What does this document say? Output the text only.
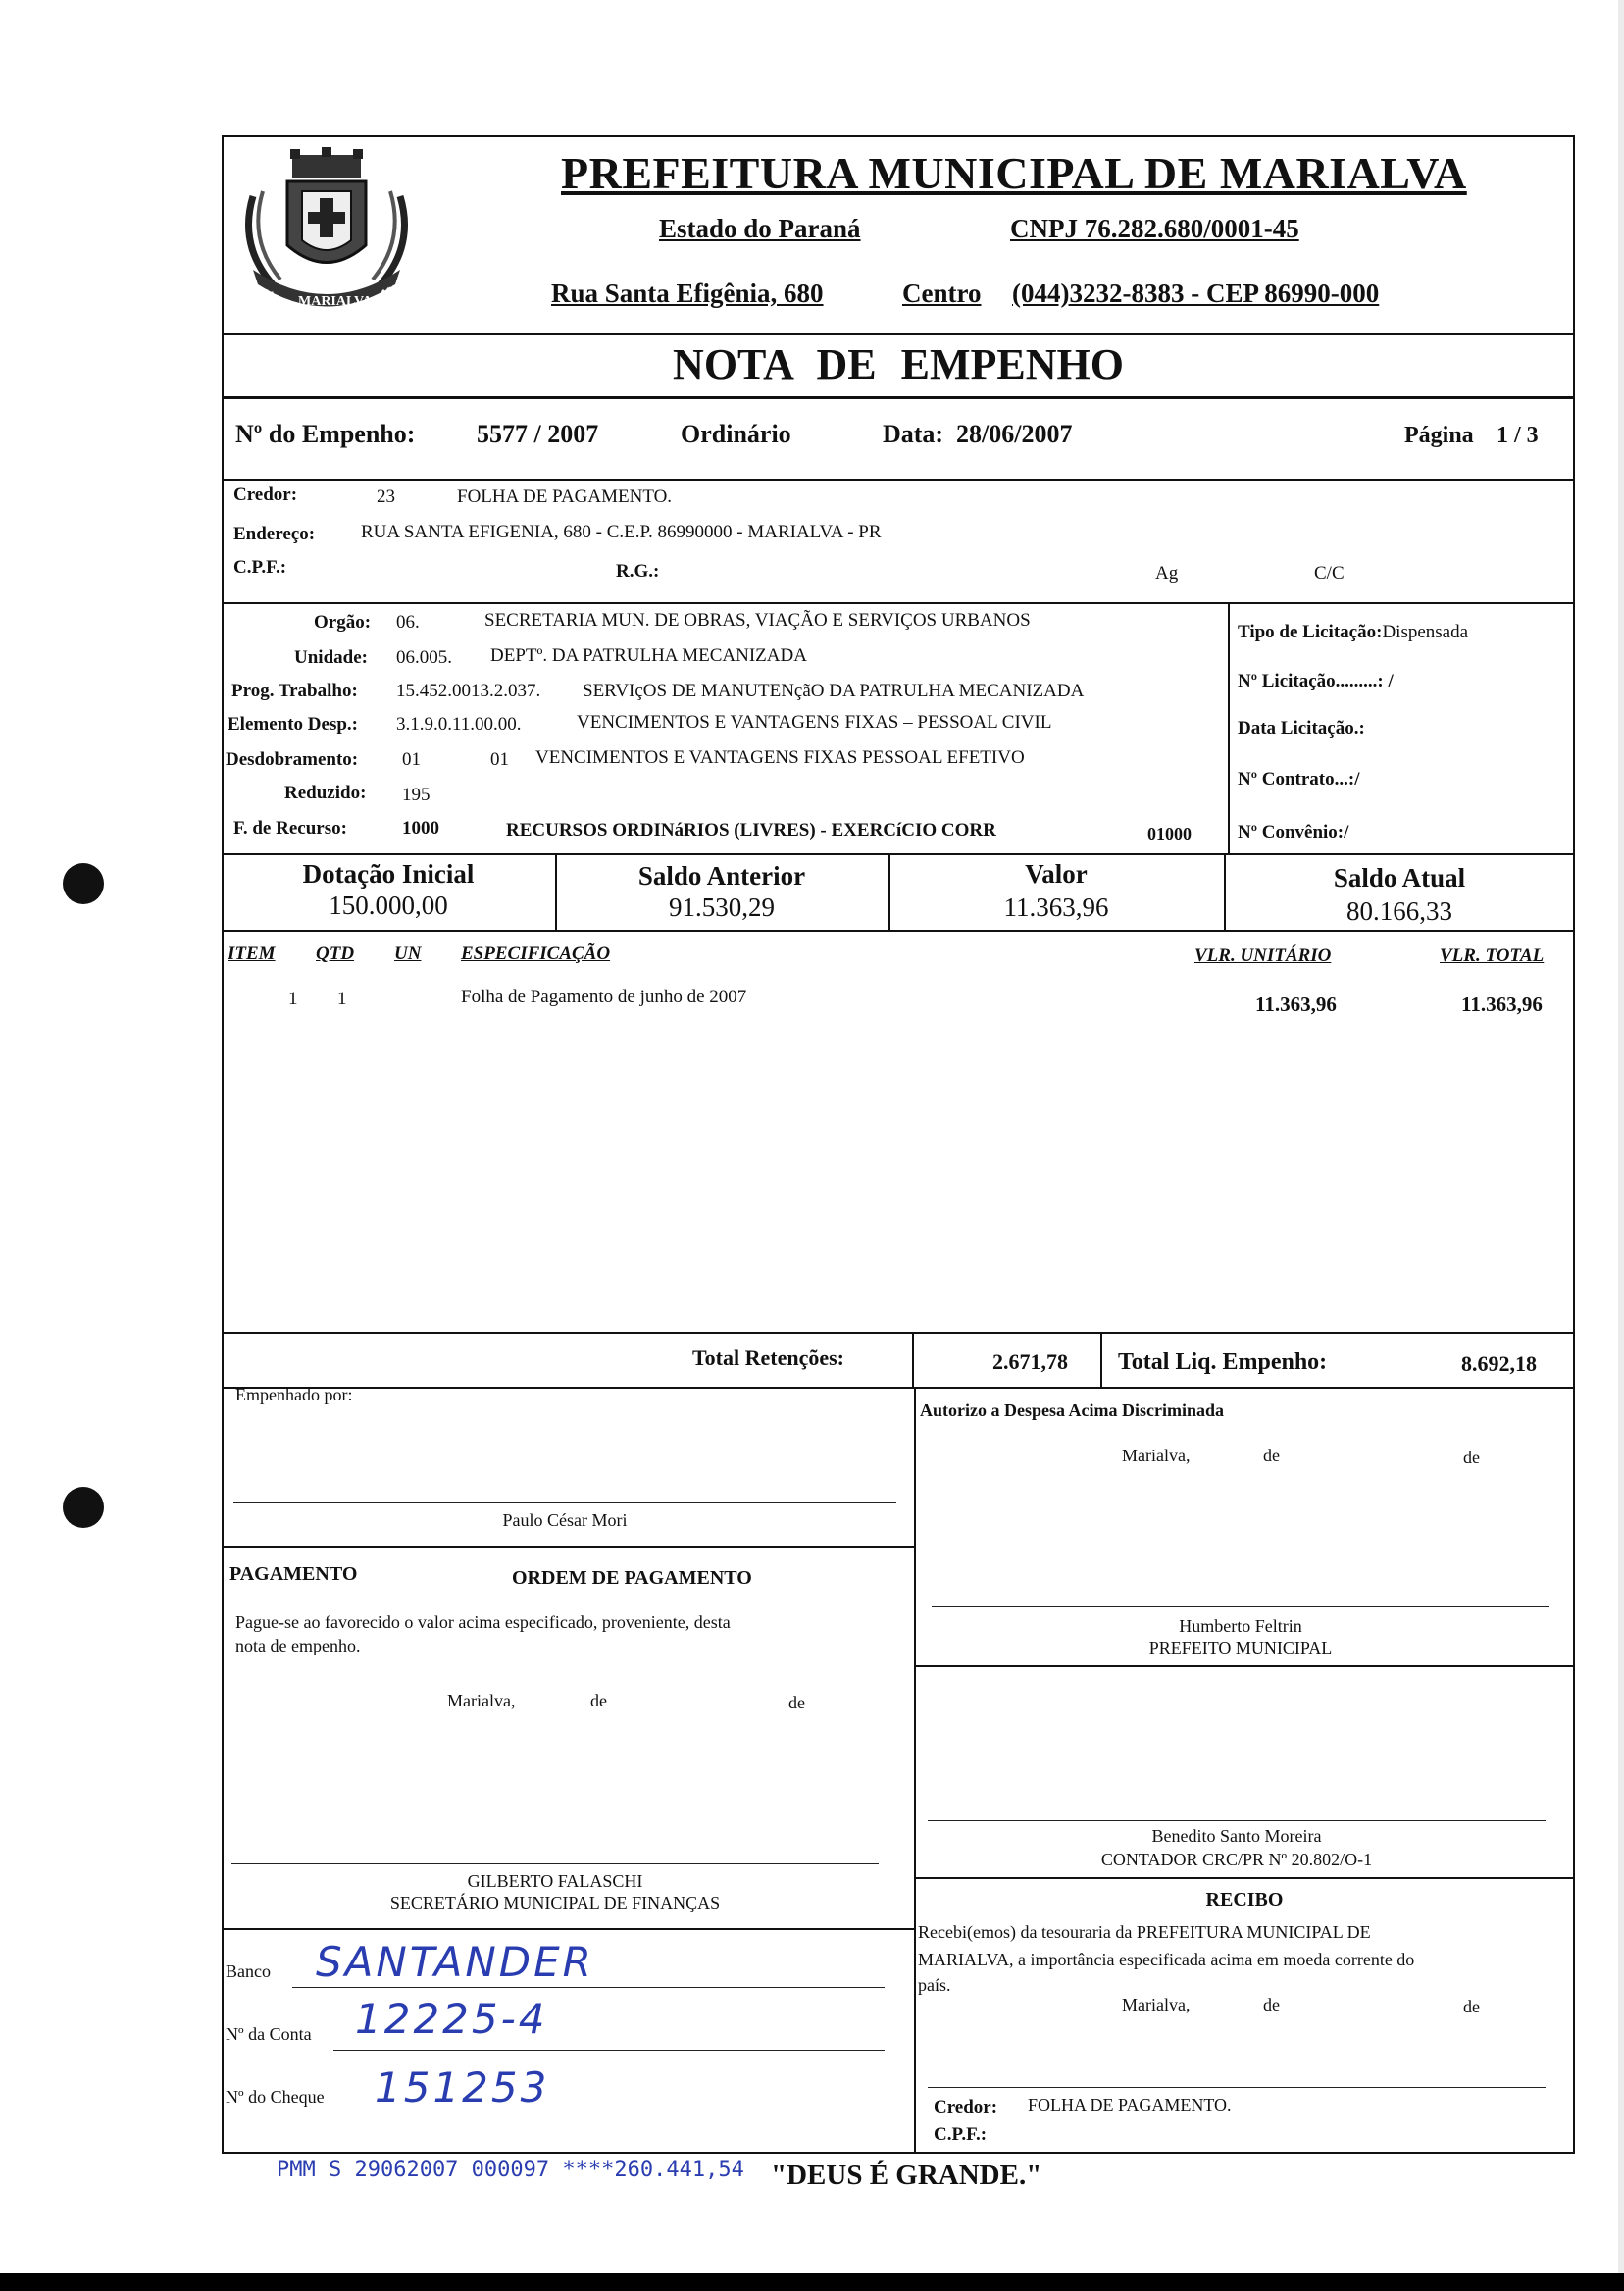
1951 MARIALVA
1953
PREFEITURA MUNICIPAL DE MARIALVA
Estado do Paraná	CNPJ 76.282.680/0001-45
Rua Santa Efigênia, 680	Centro (044)3232-8383 - CEP 86990-000
NOTA DE EMPENHO
Nº do Empenho: 5577 / 2007	Ordinário	Data: 28/06/2007	Página 1 / 3
Credor:	23	FOLHA DE PAGAMENTO.
Endereço: RUA SANTA EFIGENIA, 680 - C.E.P. 86990000 - MARIALVA - PR
C.P.F.:	R.G.:	Ag	C/C
Orgão: 06.	SECRETARIA MUN. DE OBRAS, VIAÇÃO E SERVIÇOS URBANOS
Unidade: 06.005. DEPTº. DA PATRULHA MECANIZADA
Prog. Trabalho: 15.452.0013.2.037. SERVIçOS DE MANUTENçãO DA PATRULHA MECANIZADA
Elemento Desp.: 3.1.9.0.11.00.00.	VENCIMENTOS E VANTAGENS FIXAS – PESSOAL CIVIL
Desdobramento: 01	01 VENCIMENTOS E VANTAGENS FIXAS PESSOAL EFETIVO
Reduzido: 195
F. de Recurso:	1000	RECURSOS ORDINáRIOS (LIVRES) - EXERCíCIO CORR	01000
Tipo de Licitação:Dispensada
Nº Licitação.........: /
Data Licitação.:
Nº Contrato...:/
Nº Convênio:/
Dotação Inicial
150.000,00
Saldo Anterior
91.530,29
Valor
11.363,96
Saldo Atual
80.166,33
ITEM QTD UN ESPECIFICAÇÃO	VLR. UNITÁRIO	VLR. TOTAL
1 1	Folha de Pagamento de junho de 2007	11.363,96	11.363,96
Total Retenções:	2.671,78 Total Liq. Empenho:	8.692,18
Empenhado por:
Paulo César Mori
Autorizo a Despesa Acima Discriminada
Marialva,	de	de
Humberto Feltrin
PREFEITO MUNICIPAL
PAGAMENTO	ORDEM DE PAGAMENTO
Pague-se ao favorecido o valor acima especificado, proveniente, desta
nota de empenho.
Marialva,	de	de
GILBERTO FALASCHI
SECRETÁRIO MUNICIPAL DE FINANÇAS
Benedito Santo Moreira
CONTADOR CRC/PR Nº 20.802/O-1
RECIBO
Recebi(emos) da tesouraria da PREFEITURA MUNICIPAL DE
MARIALVA, a importância especificada acima em moeda corrente do
país.
Marialva,	de	de
Credor: FOLHA DE PAGAMENTO.
C.P.F.:
Banco SANTANDER
Nº da Conta 12225-4
Nº do Cheque 151253
PMM S 29062007 000097 ****260.441,54 "DEUS É GRANDE."
